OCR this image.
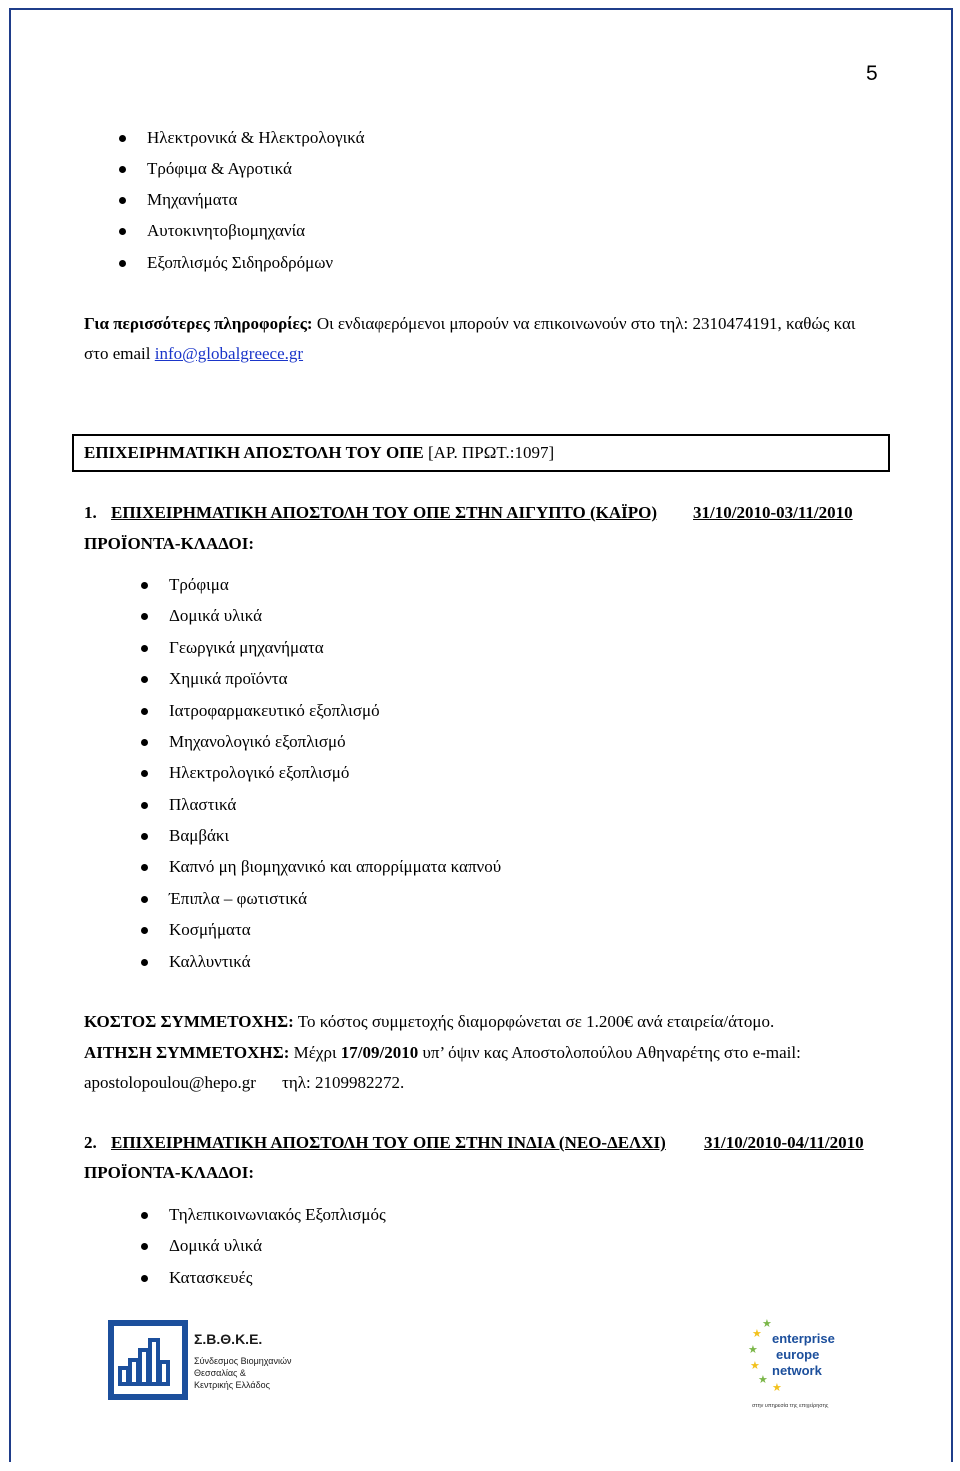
5
Ηλεκτρονικά & Ηλεκτρολογικά
Τρόφιμα & Αγροτικά
Μηχανήματα
Αυτοκινητοβιομηχανία
Εξοπλισμός Σιδηροδρόμων
Για περισσότερες πληροφορίες: Οι ενδιαφερόμενοι μπορούν να επικοινωνούν στο τηλ: 2310474191, καθώς και
στο email info@globalgreece.gr
ΕΠΙΧΕΙΡΗΜΑΤΙΚΗ ΑΠΟΣΤΟΛΗ ΤΟΥ ΟΠΕ [ΑΡ. ΠΡΩΤ.:1097]
1. ΕΠΙΧΕΙΡΗΜΑΤΙΚΗ ΑΠΟΣΤΟΛΗ ΤΟΥ ΟΠΕ ΣΤΗΝ ΑΙΓΥΠΤΟ (ΚΑΪΡΟ) 31/10/2010-03/11/2010
ΠΡΟΪΟΝΤΑ-ΚΛΑΔΟΙ:
Τρόφιμα
Δομικά υλικά
Γεωργικά μηχανήματα
Χημικά προϊόντα
Ιατροφαρμακευτικό εξοπλισμό
Μηχανολογικό εξοπλισμό
Ηλεκτρολογικό εξοπλισμό
Πλαστικά
Βαμβάκι
Καπνό μη βιομηχανικό και απορρίμματα καπνού
Έπιπλα – φωτιστικά
Κοσμήματα
Καλλυντικά
ΚΟΣΤΟΣ ΣΥΜΜΕΤΟΧΗΣ: Το κόστος συμμετοχής διαμορφώνεται σε 1.200€ ανά εταιρεία/άτομο.
ΑΙΤΗΣΗ ΣΥΜΜΕΤΟΧΗΣ: Μέχρι 17/09/2010 υπ’ όψιν κας Αποστολοπούλου Αθηναρέτης στο e-mail:
apostolopoulou@hepo.gr τηλ: 2109982272.
2. ΕΠΙΧΕΙΡΗΜΑΤΙΚΗ ΑΠΟΣΤΟΛΗ ΤΟΥ ΟΠΕ ΣΤΗΝ ΙΝΔΙΑ (ΝΕΟ-ΔΕΛΧΙ) 31/10/2010-04/11/2010
ΠΡΟΪΟΝΤΑ-ΚΛΑΔΟΙ:
Τηλεπικοινωνιακός Εξοπλισμός
Δομικά υλικά
Κατασκευές
Σ.Β.Θ.Κ.Ε.
Σύνδεσμος Βιομηχανιών
Θεσσαλίας &
Κεντρικής Ελλάδος
★
★
★
★
★
★
enterprise
europe
network
στην υπηρεσία της επιχείρησης
